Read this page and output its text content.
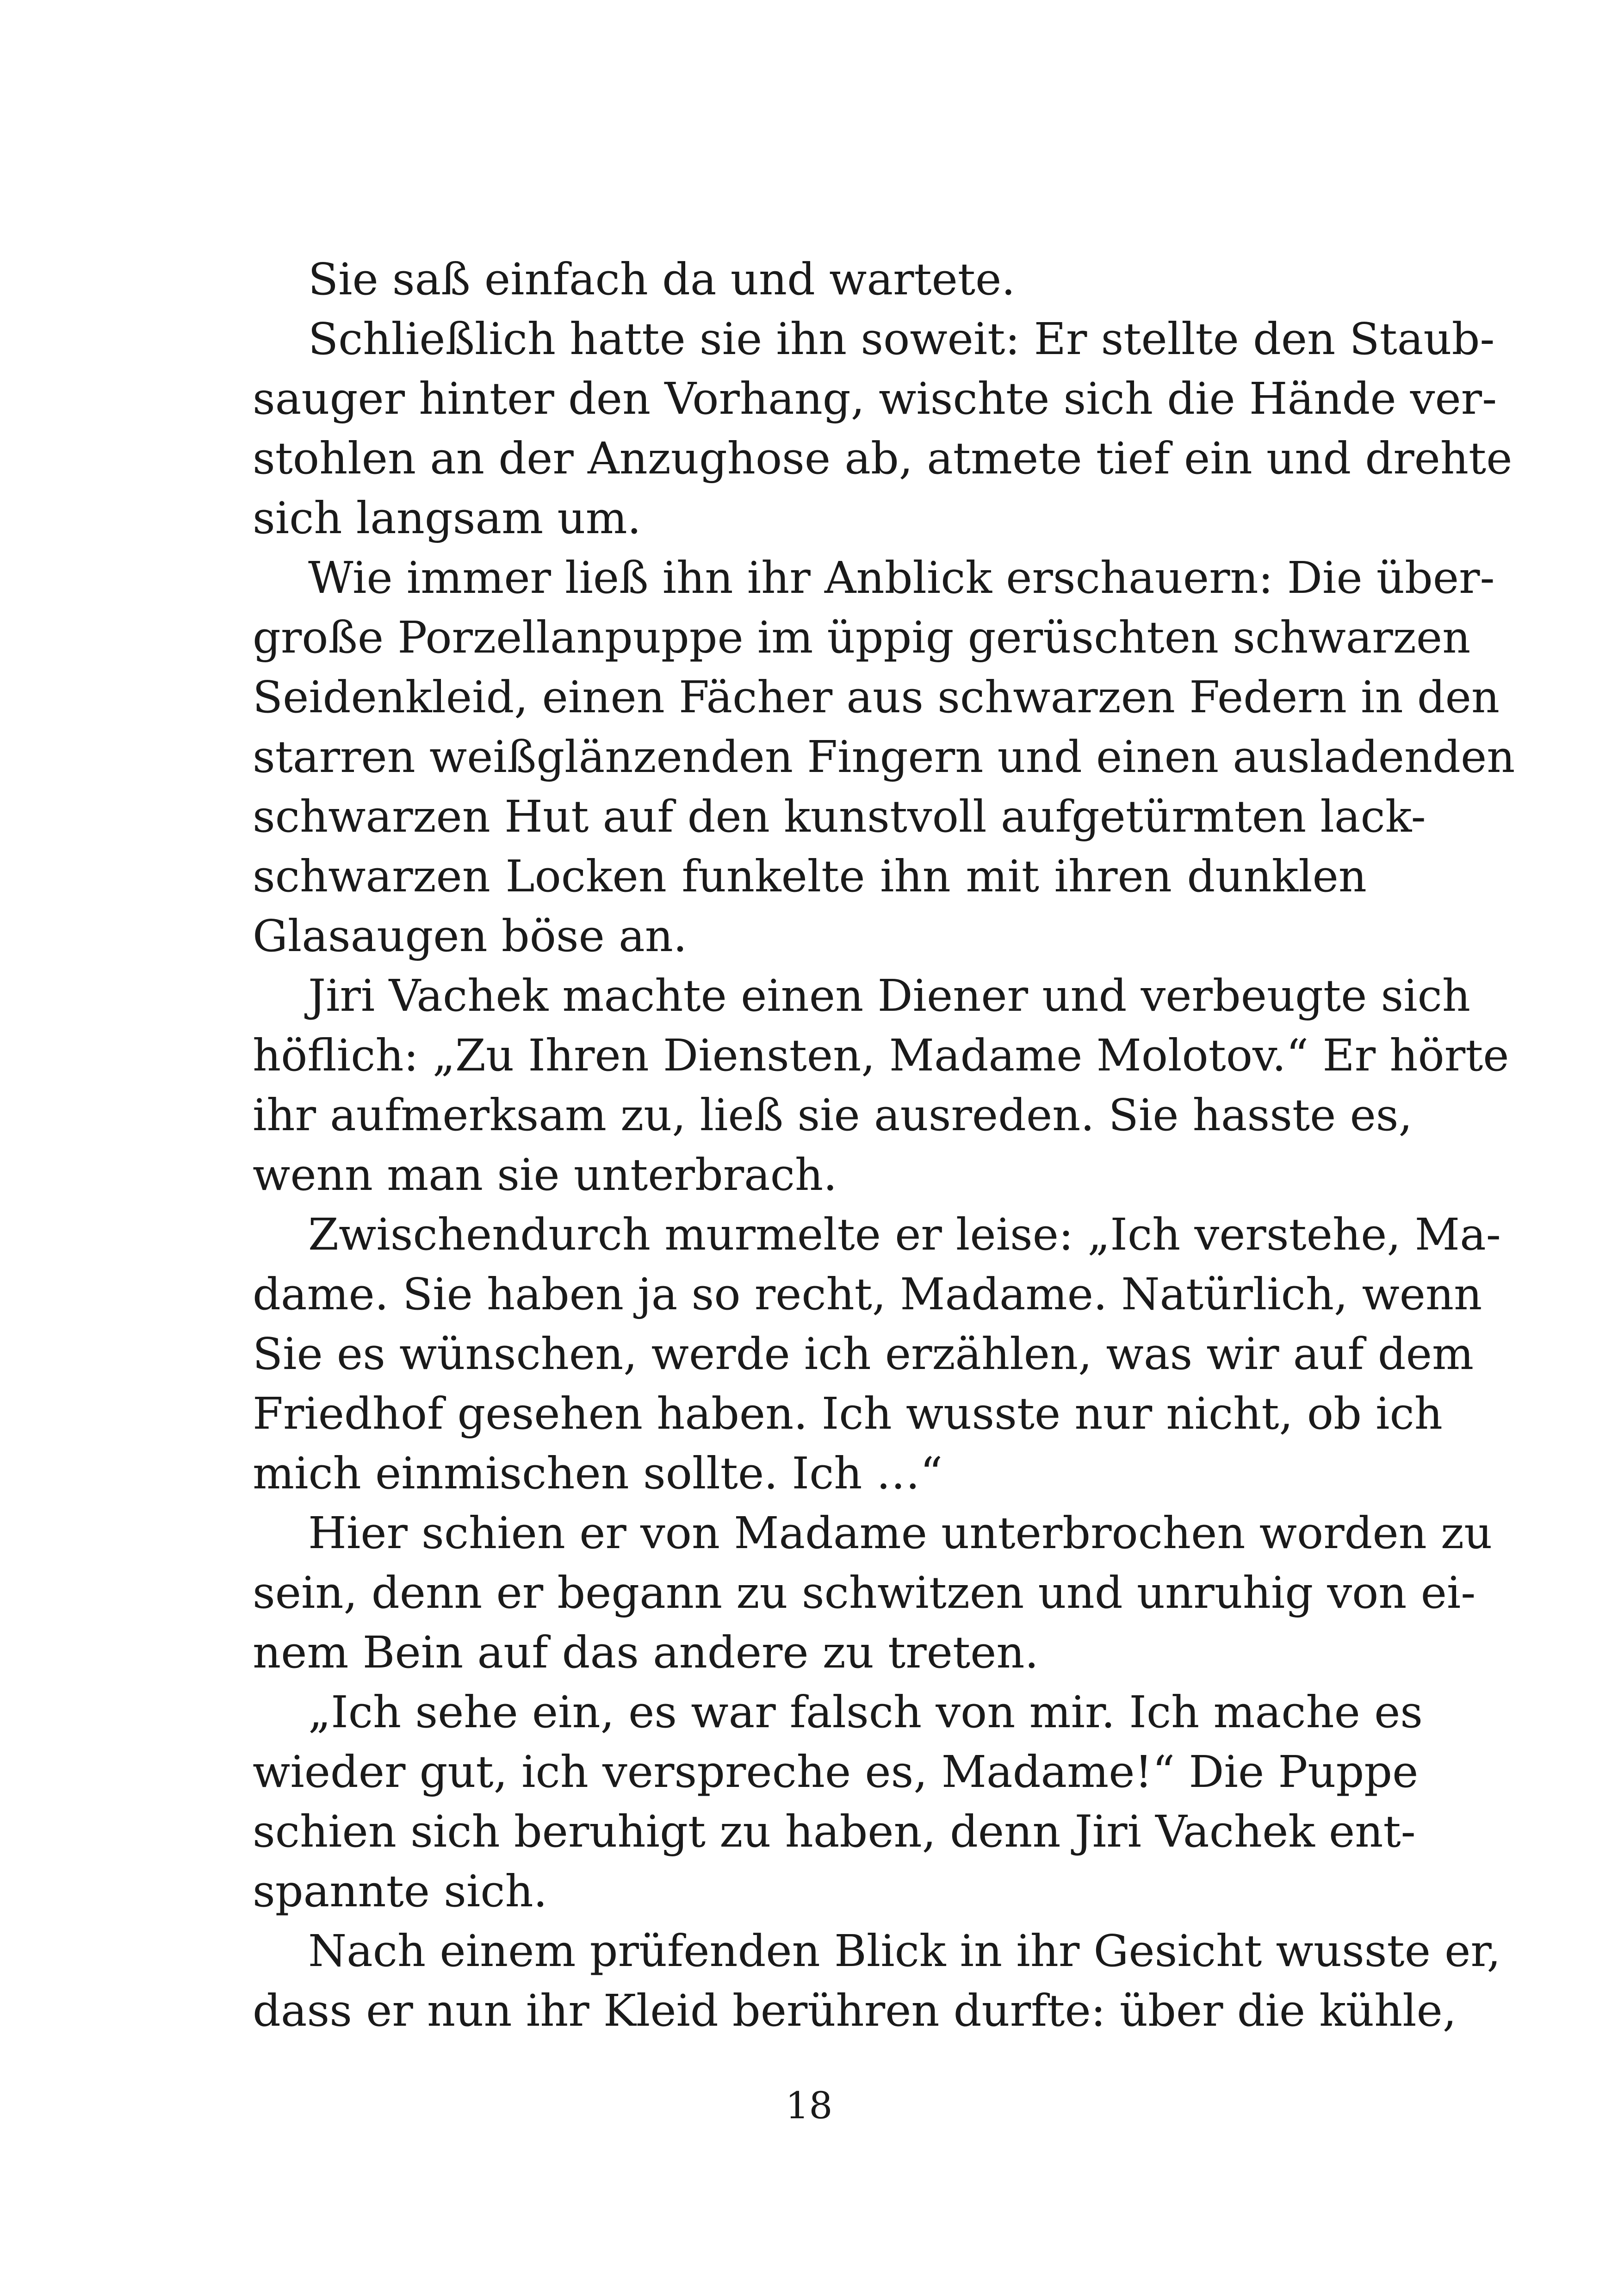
Sie saß einfach da und wartete.
Schließlich hatte sie ihn soweit: Er stellte den Staub-
sauger hinter den Vorhang, wischte sich die Hände ver-
stohlen an der Anzughose ab, atmete tief ein und drehte
sich langsam um.
Wie immer ließ ihn ihr Anblick erschauern: Die über-
große Porzellanpuppe im üppig gerüschten schwarzen
Seidenkleid, einen Fächer aus schwarzen Federn in den
starren weißglänzenden Fingern und einen ausladenden
schwarzen Hut auf den kunstvoll aufgetürmten lack-
schwarzen Locken funkelte ihn mit ihren dunklen
Glasaugen böse an.
Jiri Vachek machte einen Diener und verbeugte sich
höflich: „Zu Ihren Diensten, Madame Molotov.“ Er hörte
ihr aufmerksam zu, ließ sie ausreden. Sie hasste es,
wenn man sie unterbrach.
Zwischendurch murmelte er leise: „Ich verstehe, Ma-
dame. Sie haben ja so recht, Madame. Natürlich, wenn
Sie es wünschen, werde ich erzählen, was wir auf dem
Friedhof gesehen haben. Ich wusste nur nicht, ob ich
mich einmischen sollte. Ich …“
Hier schien er von Madame unterbrochen worden zu
sein, denn er begann zu schwitzen und unruhig von ei-
nem Bein auf das andere zu treten.
„Ich sehe ein, es war falsch von mir. Ich mache es
wieder gut, ich verspreche es, Madame!“ Die Puppe
schien sich beruhigt zu haben, denn Jiri Vachek ent-
spannte sich.
Nach einem prüfenden Blick in ihr Gesicht wusste er,
dass er nun ihr Kleid berühren durfte: über die kühle,
18
